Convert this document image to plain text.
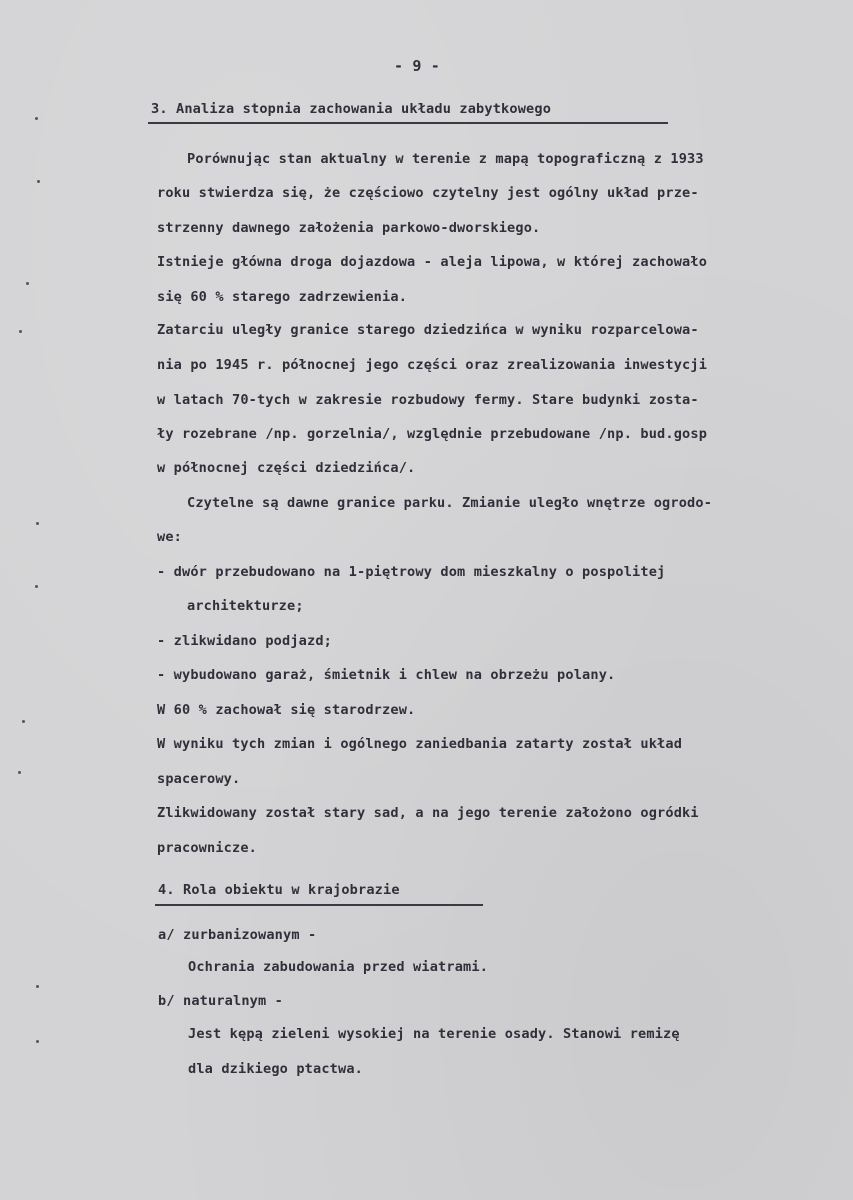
- 9 -
3. Analiza stopnia zachowania układu zabytkowego
Porównując stan aktualny w terenie z mapą topograficzną z 1933
roku stwierdza się, że częściowo czytelny jest ogólny układ prze-
strzenny dawnego założenia parkowo-dworskiego.
Istnieje główna droga dojazdowa - aleja lipowa, w której zachowało
się 60 % starego zadrzewienia.
Zatarciu uległy granice starego dziedzińca w wyniku rozparcelowa-
nia po 1945 r. północnej jego części oraz zrealizowania inwestycji
w latach 70-tych w zakresie rozbudowy fermy. Stare budynki zosta-
ły rozebrane /np. gorzelnia/, względnie przebudowane /np. bud.gosp
w północnej części dziedzińca/.
Czytelne są dawne granice parku. Zmianie uległo wnętrze ogrodo-
we:
- dwór przebudowano na 1-piętrowy dom mieszkalny o pospolitej
architekturze;
- zlikwidano podjazd;
- wybudowano garaż, śmietnik i chlew na obrzeżu polany.
W 60 % zachował się starodrzew.
W wyniku tych zmian i ogólnego zaniedbania zatarty został układ
spacerowy.
Zlikwidowany został stary sad, a na jego terenie założono ogródki
pracownicze.
4. Rola obiektu w krajobrazie
a/ zurbanizowanym -
Ochrania zabudowania przed wiatrami.
b/ naturalnym -
Jest kępą zieleni wysokiej na terenie osady. Stanowi remizę
dla dzikiego ptactwa.
